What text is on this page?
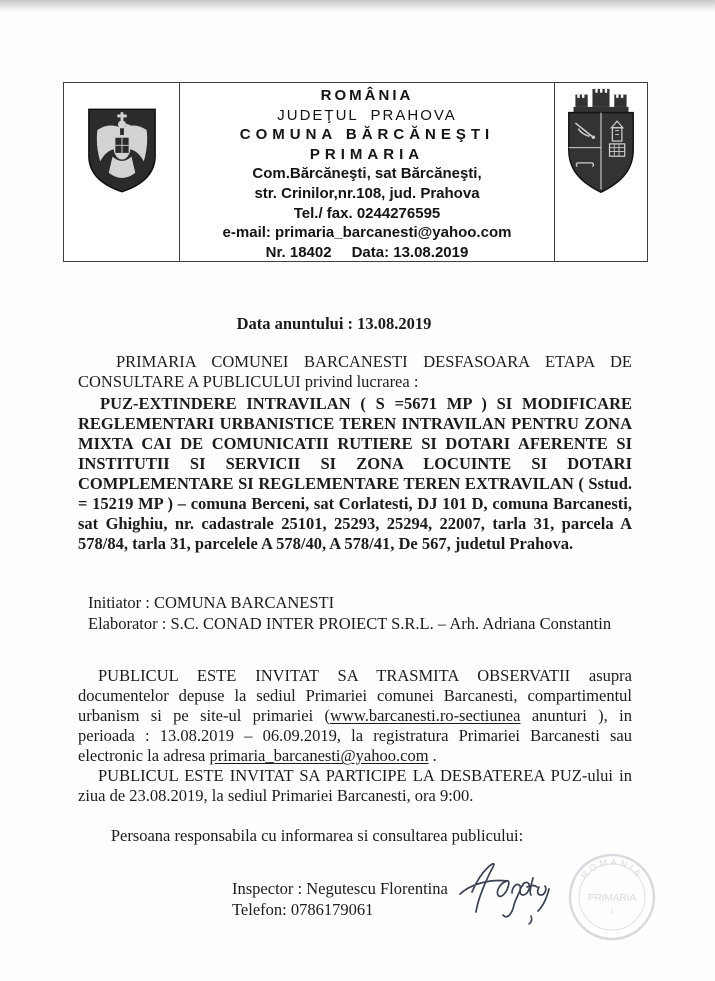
ROMÂNIA
JUDEŢUL  PRAHOVA
COMUNA BĂRCĂNEŞTI
PRIMARIA
Com.Bărcăneşti, sat Bărcăneşti,
str. Crinilor,nr.108, jud. Prahova
Tel./ fax. 0244276595
e-mail: primaria_barcanesti@yahoo.com
Nr. 18402 Data: 13.08.2019
Data anuntului : 13.08.2019

PRIMARIA COMUNEI BARCANESTI DESFASOARA ETAPA DE CONSULTARE A PUBLICULUI privind lucrarea :

PUZ-EXTINDERE INTRAVILAN ( S =5671 MP ) SI MODIFICARE REGLEMENTARI URBANISTICE TEREN INTRAVILAN PENTRU ZONA MIXTA CAI DE COMUNICATII RUTIERE SI DOTARI AFERENTE SI INSTITUTII SI SERVICII SI ZONA LOCUINTE SI DOTARI COMPLEMENTARE SI REGLEMENTARE TEREN EXTRAVILAN ( Sstud. = 15219 MP ) – comuna Berceni, sat Corlatesti, DJ 101 D, comuna Barcanesti, sat Ghighiu, nr. cadastrale 25101, 25293, 25294, 22007, tarla 31, parcela A 578/84, tarla 31, parcelele A 578/40, A 578/41, De 567, judetul Prahova.

Initiator : COMUNA BARCANESTI
Elaborator : S.C. CONAD INTER PROIECT S.R.L. – Arh. Adriana Constantin

PUBLICUL ESTE INVITAT SA TRASMITA OBSERVATII asupra documentelor depuse la sediul Primariei comunei Barcanesti, compartimentul urbanism si pe site-ul primariei (www.barcanesti.ro-sectiunea anunturi ), in perioada : 13.08.2019 – 06.09.2019, la registratura Primariei Barcanesti sau electronic la adresa primaria_barcanesti@yahoo.com .

PUBLICUL ESTE INVITAT SA PARTICIPE LA DESBATEREA PUZ-ului in ziua de 23.08.2019, la sediul Primariei Barcanesti, ora 9:00.

Persoana responsabila cu informarea si consultarea publicului:
Inspector : Negutescu Florentina
Telefon: 0786179061
ROMANIA
PRIMARIA
1
